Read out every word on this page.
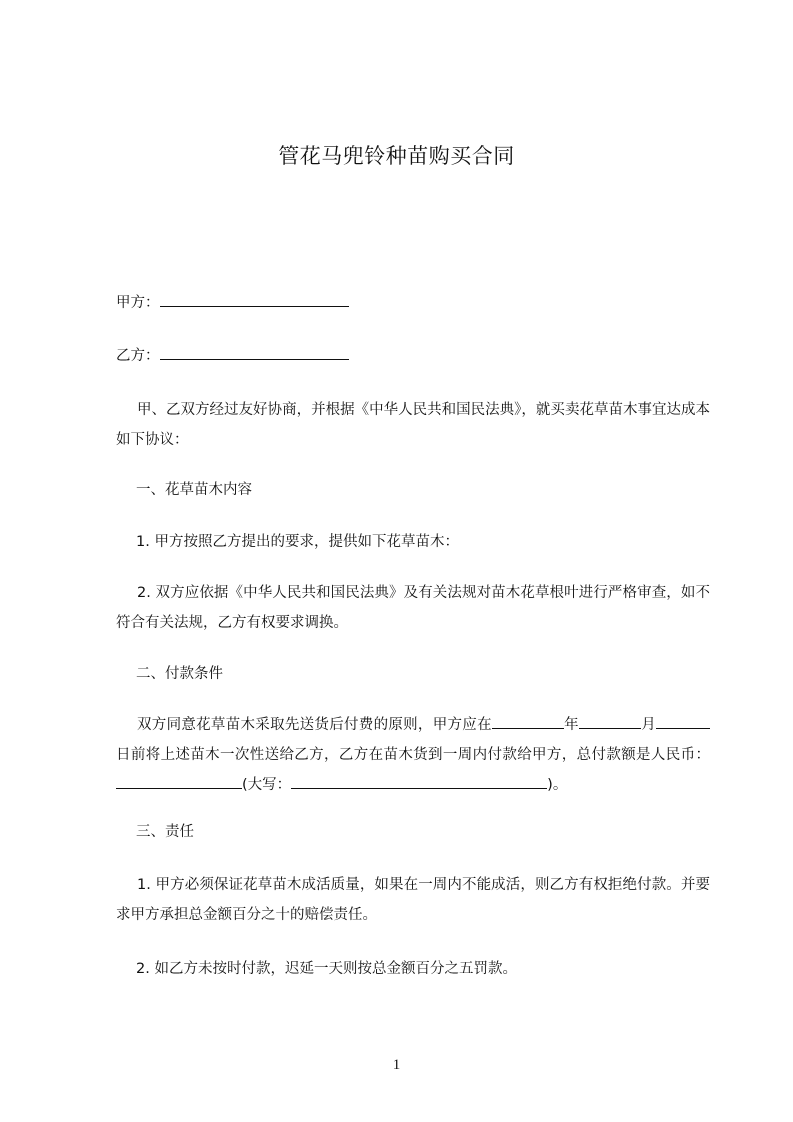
管花马兜铃种苗购买合同
甲方：
乙方：
甲、乙双方经过友好协商，并根据《中华人民共和国民法典》，就买卖花草苗木事宜达成本如下协议：
一、花草苗木内容
1. 甲方按照乙方提出的要求，提供如下花草苗木：
2. 双方应依据《中华人民共和国民法典》及有关法规对苗木花草根叶进行严格审查，如不符合有关法规，乙方有权要求调换。
二、付款条件
双方同意花草苗木采取先送货后付费的原则，甲方应在	年	月日前将上述苗木一次性送给乙方，乙方在苗木货到一周内付款给甲方，总付款额是人民币：(大写：	)。
三、责任
1. 甲方必须保证花草苗木成活质量，如果在一周内不能成活，则乙方有权拒绝付款。并要求甲方承担总金额百分之十的赔偿责任。
2. 如乙方未按时付款，迟延一天则按总金额百分之五罚款。
1
